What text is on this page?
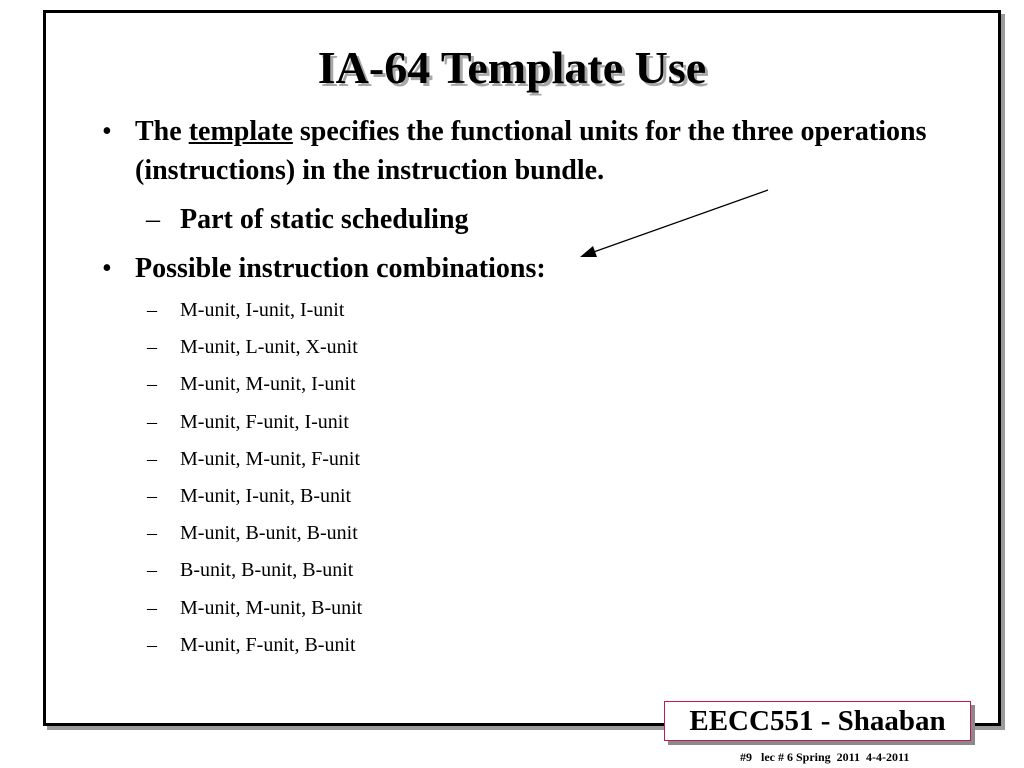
IA-64 Template Use

• The template specifies the functional units for the three operations (instructions) in the instruction bundle.

– Part of static scheduling

• Possible instruction combinations:

– M-unit, I-unit, I-unit
– M-unit, L-unit, X-unit
– M-unit, M-unit, I-unit
– M-unit, F-unit, I-unit
– M-unit, M-unit, F-unit
– M-unit, I-unit, B-unit
– M-unit, B-unit, B-unit
– B-unit, B-unit, B-unit
– M-unit, M-unit, B-unit
– M-unit, F-unit, B-unit
EECC551 - Shaaban
#9   lec # 6 Spring  2011  4-4-2011
